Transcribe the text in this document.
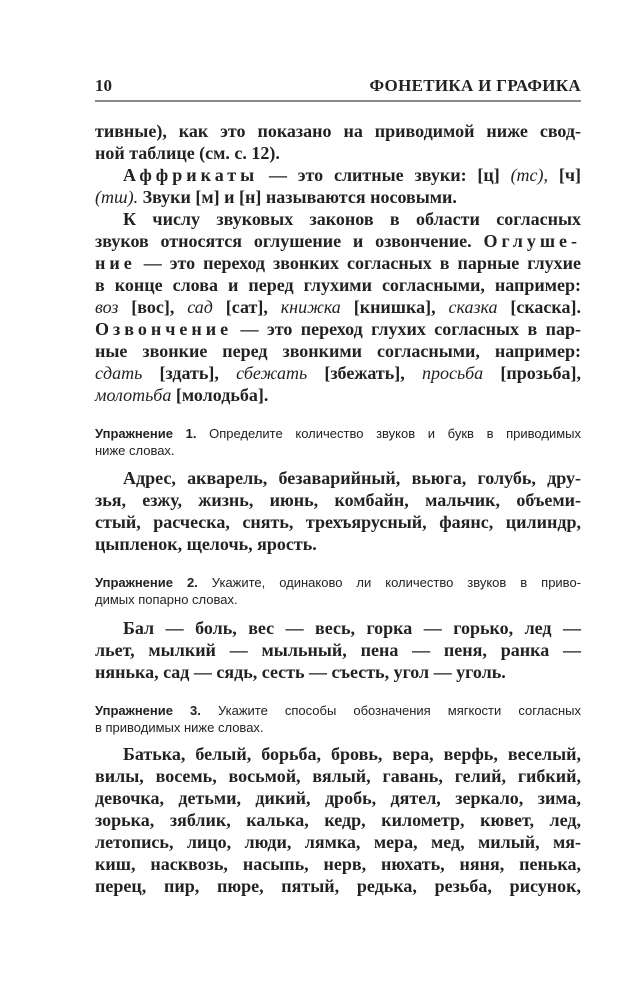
10	ФОНЕТИКА И ГРАФИКА
тивные), как это показано на приводимой ниже свод-
ной таблице (см. с. 12).
Аффрикаты — это слитные звуки: [ц] (тс), [ч]
(тш). Звуки [м] и [н] называются носовыми.
К числу звуковых законов в области согласных
звуков относятся оглушение и озвончение. Оглуше-
ние — это переход звонких согласных в парные глухие
в конце слова и перед глухими согласными, например:
воз [вос], сад [сат], книжка [книшка], сказка [скаска].
Озвончение — это переход глухих согласных в пар-
ные звонкие перед звонкими согласными, например:
сдать [здать], сбежать [збежать], просьба [прозьба],
молотьба [молодьба].
Упражнение 1. Определите количество звуков и букв в приводимых
ниже словах.
Адрес, акварель, безаварийный, вьюга, голубь, дру-
зья, езжу, жизнь, июнь, комбайн, мальчик, объеми-
стый, расческа, снять, трехъярусный, фаянс, цилиндр,
цыпленок, щелочь, ярость.
Упражнение 2. Укажите, одинаково ли количество звуков в приво-
димых попарно словах.
Бал — боль, вес — весь, горка — горько, лед —
льет, мылкий — мыльный, пена — пеня, ранка —
нянька, сад — сядь, сесть — съесть, угол — уголь.
Упражнение 3. Укажите способы обозначения мягкости согласных
в приводимых ниже словах.
Батька, белый, борьба, бровь, вера, верфь, веселый,
вилы, восемь, восьмой, вялый, гавань, гелий, гибкий,
девочка, детьми, дикий, дробь, дятел, зеркало, зима,
зорька, зяблик, калька, кедр, километр, кювет, лед,
летопись, лицо, люди, лямка, мера, мед, милый, мя-
киш, насквозь, насыпь, нерв, нюхать, няня, пенька,
перец, пир, пюре, пятый, редька, резьба, рисунок,
